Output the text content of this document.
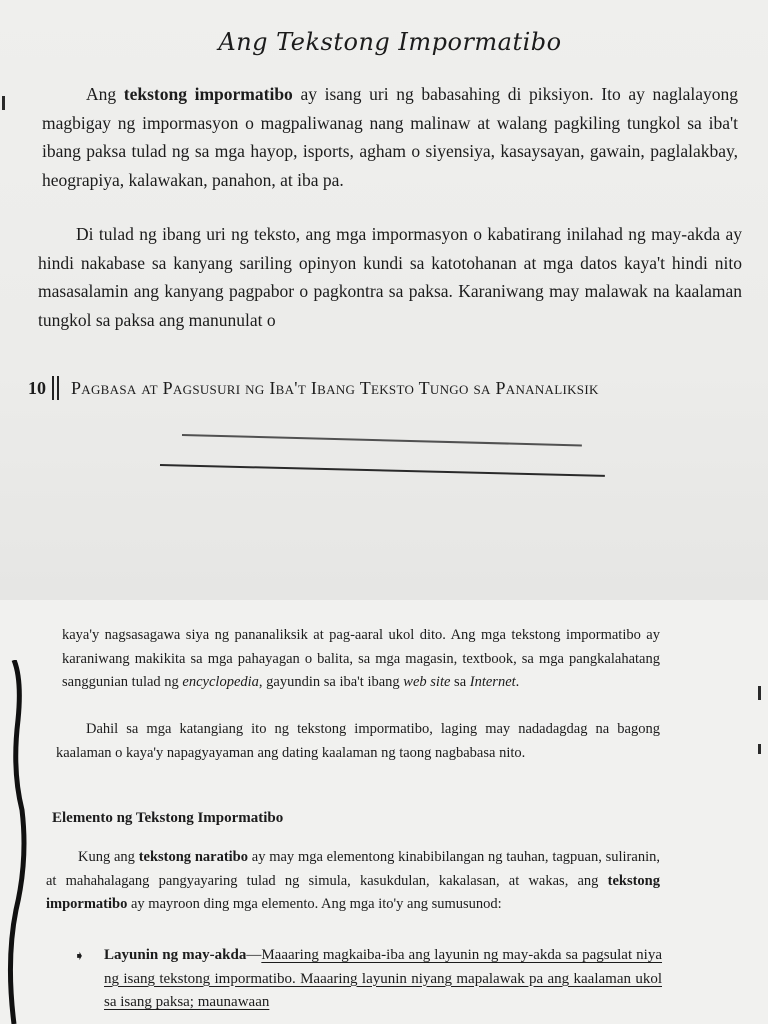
Ang Tekstong Impormatibo

Ang tekstong impormatibo ay isang uri ng babasahing di piksiyon. Ito ay naglalayong magbigay ng impormasyon o magpaliwanag nang malinaw at walang pagkiling tungkol sa iba't ibang paksa tulad ng sa mga hayop, isports, agham o siyensiya, kasaysayan, gawain, paglalakbay, heograpiya, kalawakan, panahon, at iba pa.

Di tulad ng ibang uri ng teksto, ang mga impormasyon o kabatirang inilahad ng may-akda ay hindi nakabase sa kanyang sariling opinyon kundi sa katotohanan at mga datos kaya't hindi nito masasalamin ang kanyang pagpabor o pagkontra sa paksa. Karaniwang may malawak na kaalaman tungkol sa paksa ang manunulat o

10 Pagbasa at Pagsusuri ng Iba't Ibang Teksto Tungo sa Pananaliksik

kaya'y nagsasagawa siya ng pananaliksik at pag-aaral ukol dito. Ang mga tekstong impormatibo ay karaniwang makikita sa mga pahayagan o balita, sa mga magasin, textbook, sa mga pangkalahatang sanggunian tulad ng encyclopedia, gayundin sa iba't ibang web site sa Internet.

Dahil sa mga katangiang ito ng tekstong impormatibo, laging may nadadagdag na bagong kaalaman o kaya'y napagyayaman ang dating kaalaman ng taong nagbabasa nito.

Elemento ng Tekstong Impormatibo

Kung ang tekstong naratibo ay may mga elementong kinabibilangan ng tauhan, tagpuan, suliranin, at mahahalagang pangyayaring tulad ng simula, kasukdulan, kakalasan, at wakas, ang tekstong impormatibo ay mayroon ding mga elemento. Ang mga ito'y ang sumusunod:

➧	Layunin ng may-akda—Maaaring magkaiba-iba ang layunin ng may-akda sa pagsulat niya ng isang tekstong impormatibo. Maaaring layunin niyang mapalawak pa ang kaalaman ukol sa isang paksa; maunawaan
